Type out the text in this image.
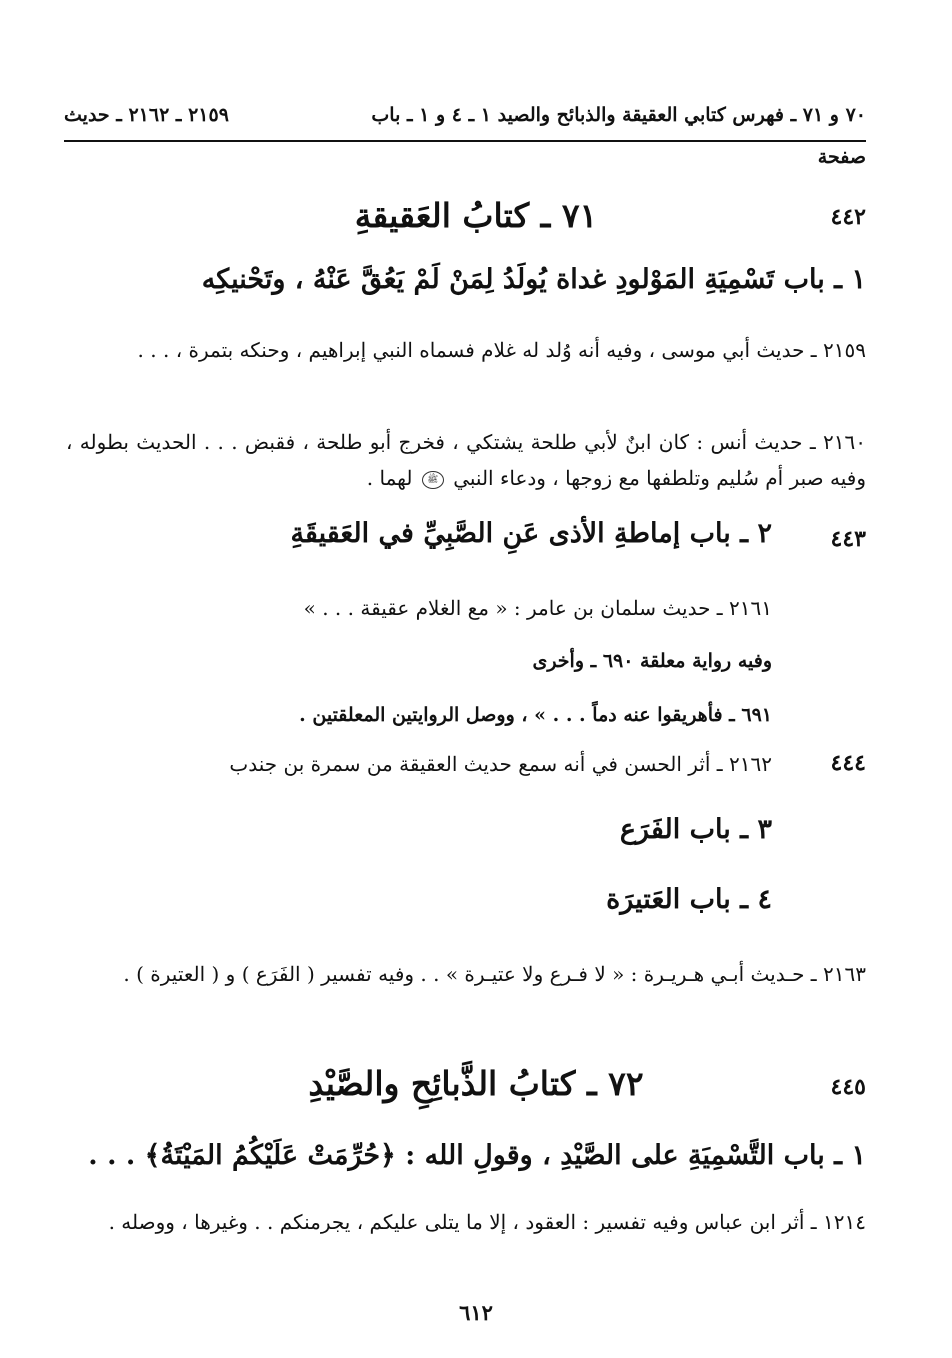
٧٠ و ٧١ ـ فهرس كتابي العقيقة والذبائح والصيد ١ ـ ٤ و ١ ـ باب
٢١٥٩ ـ ٢١٦٢ ـ حديث
صفحة
٤٤٢
٧١ ـ كتابُ العَقيقةِ
١ ـ باب تَسْمِيَةِ المَوْلودِ غداة يُولَدُ لِمَنْ لَمْ يَعُقَّ عَنْهُ ، وتَحْنيكِه
٢١٥٩ ـ حديث أبي موسى ، وفيه أنه وُلد له غلام فسماه النبي إبراهيم ، وحنكه بتمرة ، . . .
٢١٦٠ ـ حديث أنس : كان ابنٌ لأبي طلحة يشتكي ، فخرج أبو طلحة ، فقبض . . . الحديث بطوله ، وفيه صبر أم سُليم وتلطفها مع زوجها ، ودعاء النبي ﷺ لهما .
٤٤٣
٢ ـ باب إماطةِ الأذى عَنِ الصَّبِيِّ في العَقيقَةِ
٢١٦١ ـ حديث سلمان بن عامر : « مع الغلام عقيقة . . . »
وفيه رواية معلقة ٦٩٠ ـ وأخرى
٦٩١ ـ فأهريقوا عنه دماً . . . » ، ووصل الروايتين المعلقتين .
٤٤٤
٢١٦٢ ـ أثر الحسن في أنه سمع حديث العقيقة من سمرة بن جندب
٣ ـ باب الفَرَع
٤ ـ باب العَتيرَة
٢١٦٣ ـ حـديث أبـي هـريـرة : « لا فـرع ولا عتيـرة » . . وفيه تفسير ( الفَرَع ) و ( العتيرة ) .
٤٤٥
٧٢ ـ كتابُ الذَّبائِحِ والصَّيْدِ
١ ـ باب التَّسْمِيَةِ على الصَّيْدِ ، وقولِ الله : ﴿حُرِّمَتْ عَلَيْكُمُ المَيْتَةُ﴾ . . .
١٢١٤ ـ أثر ابن عباس وفيه تفسير : العقود ، إلا ما يتلى عليكم ، يجرمنكم . . وغيرها ، ووصله .
٦١٢
